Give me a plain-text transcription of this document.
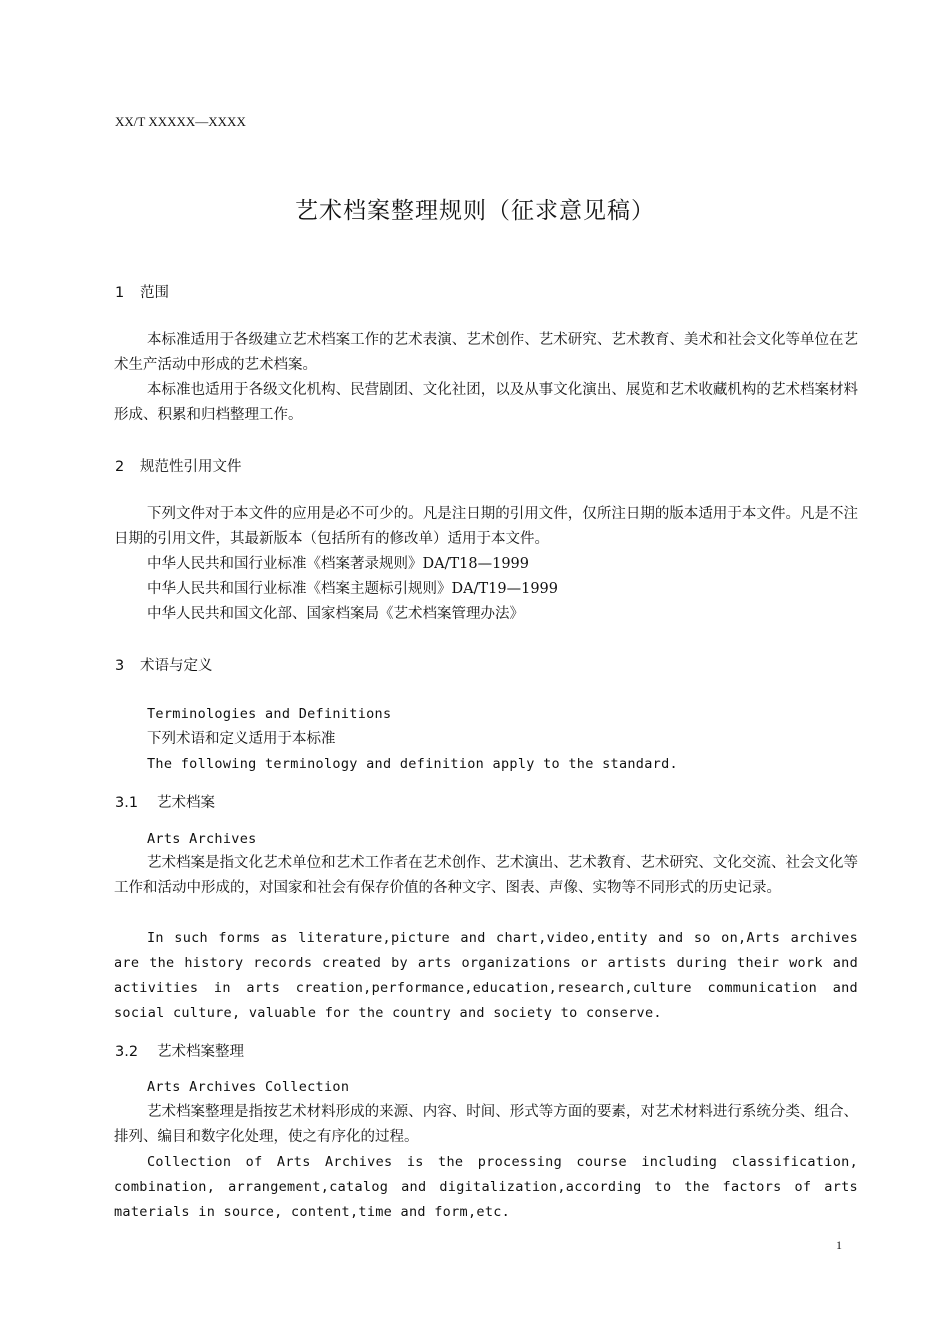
XX/T XXXXX—XXXX
艺术档案整理规则（征求意见稿）
1 范围
本标准适用于各级建立艺术档案工作的艺术表演、艺术创作、艺术研究、艺术教育、美术和社会文化等单位在艺术生产活动中形成的艺术档案。
本标准也适用于各级文化机构、民营剧团、文化社团，以及从事文化演出、展览和艺术收藏机构的艺术档案材料形成、积累和归档整理工作。
2 规范性引用文件
下列文件对于本文件的应用是必不可少的。凡是注日期的引用文件，仅所注日期的版本适用于本文件。凡是不注日期的引用文件，其最新版本（包括所有的修改单）适用于本文件。
中华人民共和国行业标准《档案著录规则》DA/T18—1999
中华人民共和国行业标准《档案主题标引规则》DA/T19—1999
中华人民共和国文化部、国家档案局《艺术档案管理办法》
3 术语与定义
Terminologies and Definitions
下列术语和定义适用于本标准
The following terminology and definition apply to the standard.
3.1 艺术档案
Arts Archives
艺术档案是指文化艺术单位和艺术工作者在艺术创作、艺术演出、艺术教育、艺术研究、文化交流、社会文化等工作和活动中形成的，对国家和社会有保存价值的各种文字、图表、声像、实物等不同形式的历史记录。
In such forms as literature,picture and chart,video,entity and so on,Arts archives are the history records created by arts organizations or artists during their work and activities in arts creation,performance,education,research,culture communication and social culture, valuable for the country and society to conserve.
3.2 艺术档案整理
Arts Archives Collection
艺术档案整理是指按艺术材料形成的来源、内容、时间、形式等方面的要素，对艺术材料进行系统分类、组合、排列、编目和数字化处理，使之有序化的过程。
Collection of Arts Archives is the processing course including classification, combination, arrangement,catalog and digitalization,according to the factors of arts materials in source, content,time and form,etc.
1
